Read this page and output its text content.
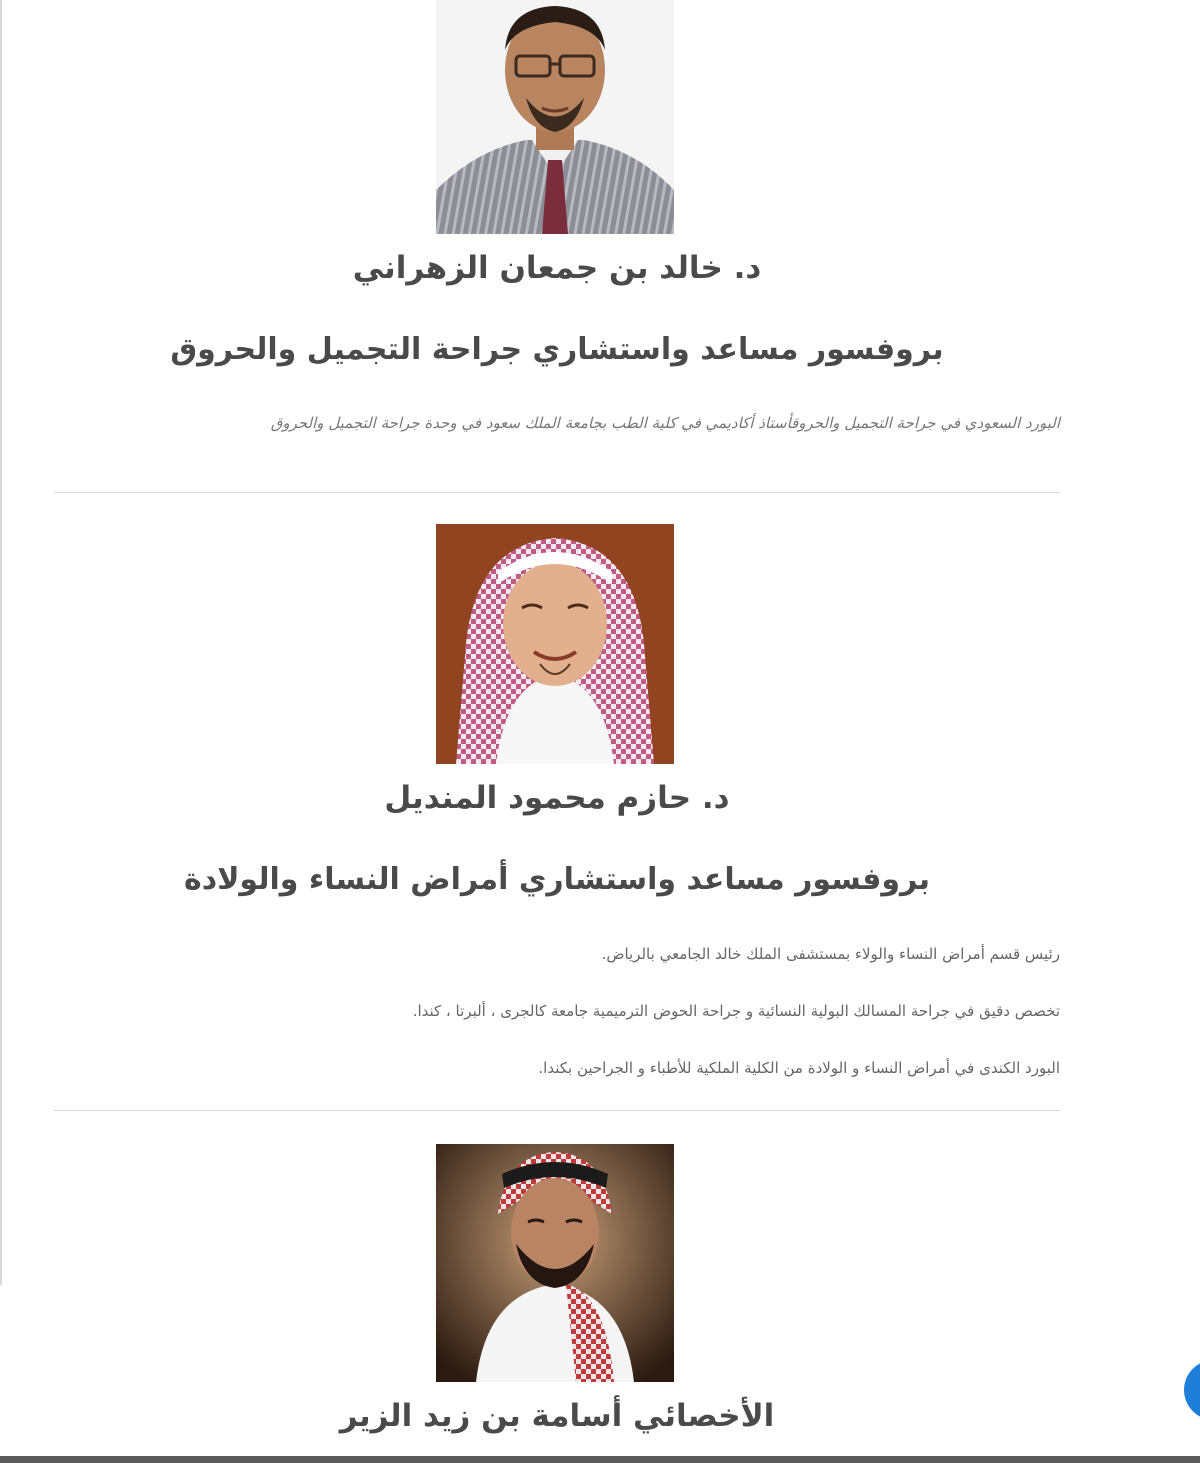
د. خالد بن جمعان الزهراني
بروفسور مساعد واستشاري جراحة التجميل والحروق

البورد السعودي في جراحة التجميل والحروقأستاذ أكاديمي في كلية الطب بجامعة الملك سعود في وحدة جراحة التجميل والحروق

د. حازم محمود المنديل
بروفسور مساعد واستشاري أمراض النساء والولادة

رئيس قسم أمراض النساء والولاء بمستشفى الملك خالد الجامعي بالرياض.

تخصص دقيق في جراحة المسالك البولية النسائية و جراحة الحوض الترميمية جامعة كالجرى ، ألبرتا ، كندا.

البورد الكندى في أمراض النساء و الولادة من الكلية الملكية للأطباء و الجراحين بكندا.

الأخصائي أسامة بن زيد الزير
